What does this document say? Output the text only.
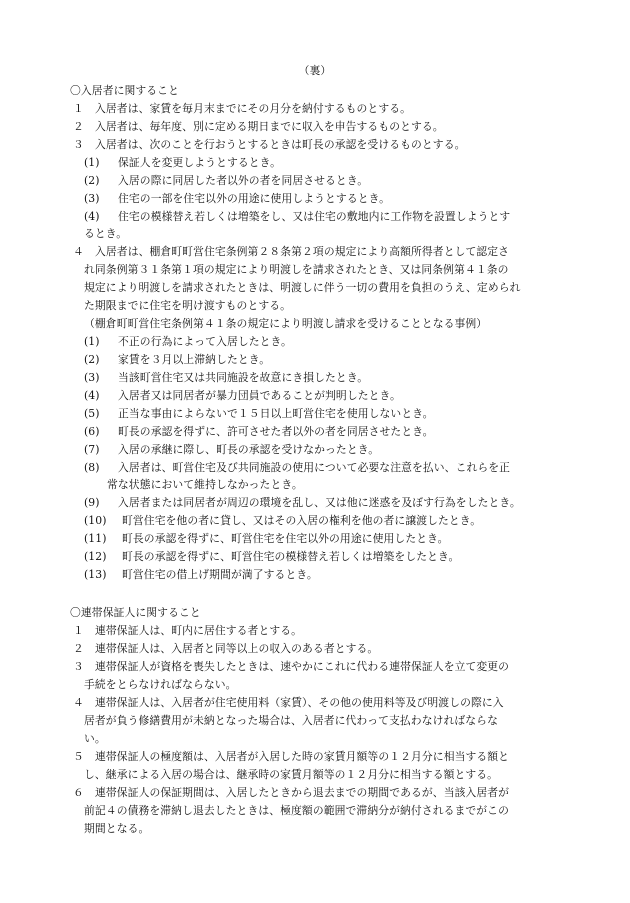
（裏）
〇入居者に関すること
１ 入居者は、家賃を毎月末までにその月分を納付するものとする。
２ 入居者は、毎年度、別に定める期日までに収入を申告するものとする。
３ 入居者は、次のことを行おうとするときは町長の承認を受けるものとする。
(1) 保証人を変更しようとするとき。
(2) 入居の際に同居した者以外の者を同居させるとき。
(3) 住宅の一部を住宅以外の用途に使用しようとするとき。
(4) 住宅の模様替え若しくは増築をし、又は住宅の敷地内に工作物を設置しようとす
るとき。
４ 入居者は、棚倉町町営住宅条例第２８条第２項の規定により高額所得者として認定さ
れ同条例第３１条第１項の規定により明渡しを請求されたとき、又は同条例第４１条の
規定により明渡しを請求されたときは、明渡しに伴う一切の費用を負担のうえ、定められ
た期限までに住宅を明け渡すものとする。
（棚倉町町営住宅条例第４１条の規定により明渡し請求を受けることとなる事例）
(1) 不正の行為によって入居したとき。
(2) 家賃を３月以上滞納したとき。
(3) 当該町営住宅又は共同施設を故意にき損したとき。
(4) 入居者又は同居者が暴力団員であることが判明したとき。
(5) 正当な事由によらないで１５日以上町営住宅を使用しないとき。
(6) 町長の承認を得ずに、許可させた者以外の者を同居させたとき。
(7) 入居の承継に際し、町長の承認を受けなかったとき。
(8) 入居者は、町営住宅及び共同施設の使用について必要な注意を払い、これらを正
常な状態において維持しなかったとき。
(9) 入居者または同居者が周辺の環境を乱し、又は他に迷惑を及ぼす行為をしたとき。
(10) 町営住宅を他の者に貸し、又はその入居の権利を他の者に譲渡したとき。
(11) 町長の承認を得ずに、町営住宅を住宅以外の用途に使用したとき。
(12) 町長の承認を得ずに、町営住宅の模様替え若しくは増築をしたとき。
(13) 町営住宅の借上げ期間が満了するとき。
〇連帯保証人に関すること
１ 連帯保証人は、町内に居住する者とする。
２ 連帯保証人は、入居者と同等以上の収入のある者とする。
３ 連帯保証人が資格を喪失したときは、速やかにこれに代わる連帯保証人を立て変更の
手続をとらなければならない。
４ 連帯保証人は、入居者が住宅使用料（家賃）、その他の使用料等及び明渡しの際に入
居者が負う修繕費用が未納となった場合は、入居者に代わって支払わなければならな
い。
５ 連帯保証人の極度額は、入居者が入居した時の家賃月額等の１２月分に相当する額と
し、継承による入居の場合は、継承時の家賃月額等の１２月分に相当する額とする。
６ 連帯保証人の保証期間は、入居したときから退去までの期間であるが、当該入居者が
前記４の債務を滞納し退去したときは、極度額の範囲で滞納分が納付されるまでがこの
期間となる。
